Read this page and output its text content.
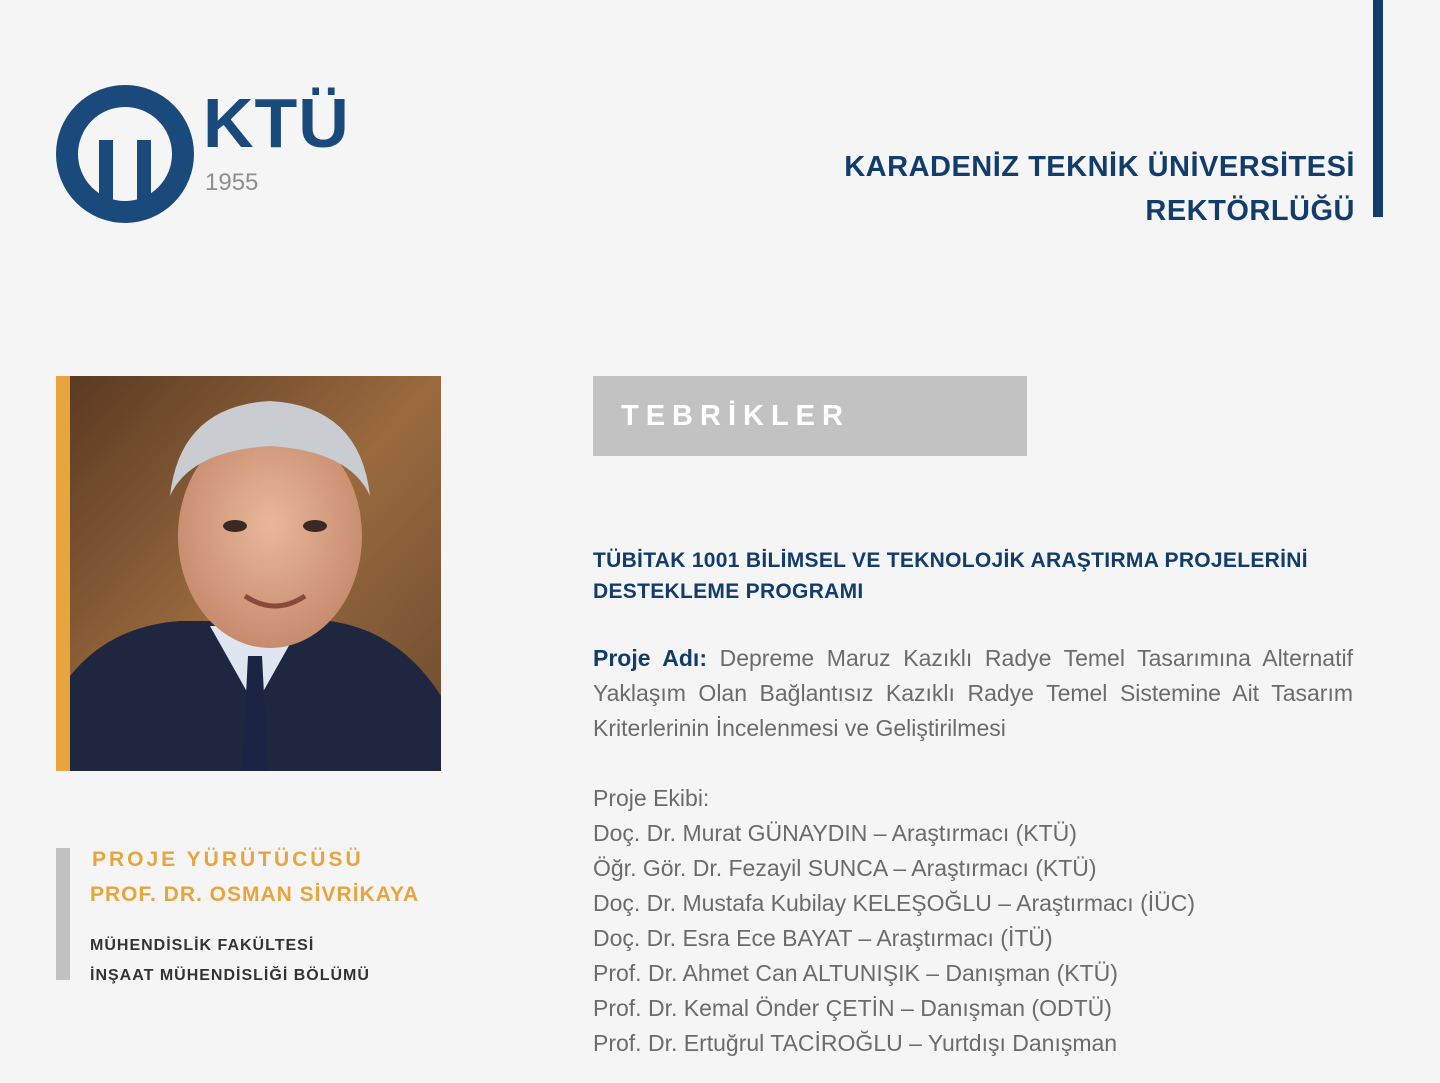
KTÜ
1955	KARADENİZ TEKNİK ÜNİVERSİTESİ
REKTÖRLÜĞÜ
PROJE YÜRÜTÜCÜSÜ
PROF. DR. OSMAN SİVRİKAYA
MÜHENDİSLİK FAKÜLTESİ
İNŞAAT MÜHENDİSLİĞİ BÖLÜMÜ
TEBRİKLER
TÜBİTAK 1001 BİLİMSEL VE TEKNOLOJİK ARAŞTIRMA PROJELERİNİ
DESTEKLEME PROGRAMI
Proje Adı: Depreme Maruz Kazıklı Radye Temel Tasarımına Alternatif Yaklaşım Olan Bağlantısız Kazıklı Radye Temel Sistemine Ait Tasarım Kriterlerinin İncelenmesi ve Geliştirilmesi
Proje Ekibi:
Doç. Dr. Murat GÜNAYDIN – Araştırmacı (KTÜ)
Öğr. Gör. Dr. Fezayil SUNCA – Araştırmacı (KTÜ)
Doç. Dr. Mustafa Kubilay KELEŞOĞLU – Araştırmacı (İÜC)
Doç. Dr. Esra Ece BAYAT – Araştırmacı (İTÜ)
Prof. Dr. Ahmet Can ALTUNIŞIK – Danışman (KTÜ)
Prof. Dr. Kemal Önder ÇETİN – Danışman (ODTÜ)
Prof. Dr. Ertuğrul TACİROĞLU – Yurtdışı Danışman
